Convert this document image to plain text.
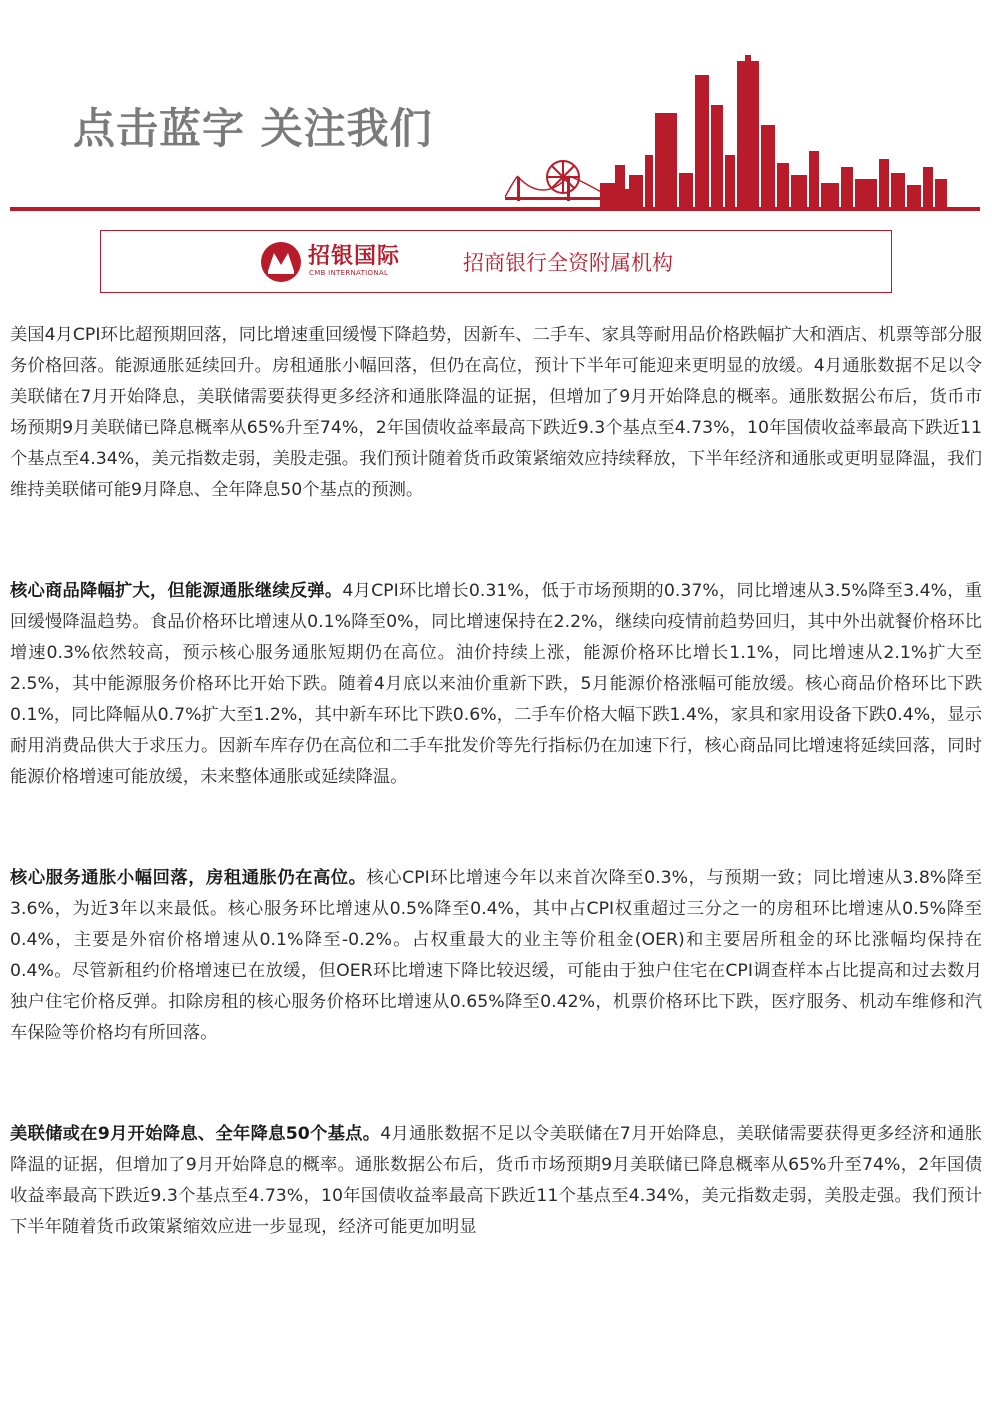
点击蓝字 关注我们
招银国际
CMB INTERNATIONAL	招商银行全资附属机构

美国4月CPI环比超预期回落，同比增速重回缓慢下降趋势，因新车、二手车、家具等耐用品价格跌幅扩大和酒店、机票等部分服务价格回落。能源通胀延续回升。房租通胀小幅回落，但仍在高位，预计下半年可能迎来更明显的放缓。4月通胀数据不足以令美联储在7月开始降息，美联储需要获得更多经济和通胀降温的证据，但增加了9月开始降息的概率。通胀数据公布后，货币市场预期9月美联储已降息概率从65%升至74%，2年国债收益率最高下跌近9.3个基点至4.73%，10年国债收益率最高下跌近11个基点至4.34%，美元指数走弱，美股走强。我们预计随着货币政策紧缩效应持续释放，下半年经济和通胀或更明显降温，我们维持美联储可能9月降息、全年降息50个基点的预测。

核心商品降幅扩大，但能源通胀继续反弹。4月CPI环比增长0.31%，低于市场预期的0.37%，同比增速从3.5%降至3.4%，重回缓慢降温趋势。食品价格环比增速从0.1%降至0%，同比增速保持在2.2%，继续向疫情前趋势回归，其中外出就餐价格环比增速0.3%依然较高，预示核心服务通胀短期仍在高位。油价持续上涨，能源价格环比增长1.1%，同比增速从2.1%扩大至2.5%，其中能源服务价格环比开始下跌。随着4月底以来油价重新下跌，5月能源价格涨幅可能放缓。核心商品价格环比下跌0.1%，同比降幅从0.7%扩大至1.2%，其中新车环比下跌0.6%，二手车价格大幅下跌1.4%，家具和家用设备下跌0.4%，显示耐用消费品供大于求压力。因新车库存仍在高位和二手车批发价等先行指标仍在加速下行，核心商品同比增速将延续回落，同时能源价格增速可能放缓，未来整体通胀或延续降温。

核心服务通胀小幅回落，房租通胀仍在高位。核心CPI环比增速今年以来首次降至0.3%，与预期一致；同比增速从3.8%降至3.6%，为近3年以来最低。核心服务环比增速从0.5%降至0.4%，其中占CPI权重超过三分之一的房租环比增速从0.5%降至0.4%，主要是外宿价格增速从0.1%降至-0.2%。占权重最大的业主等价租金(OER)和主要居所租金的环比涨幅均保持在0.4%。尽管新租约价格增速已在放缓，但OER环比增速下降比较迟缓，可能由于独户住宅在CPI调查样本占比提高和过去数月独户住宅价格反弹。扣除房租的核心服务价格环比增速从0.65%降至0.42%，机票价格环比下跌，医疗服务、机动车维修和汽车保险等价格均有所回落。

美联储或在9月开始降息、全年降息50个基点。4月通胀数据不足以令美联储在7月开始降息，美联储需要获得更多经济和通胀降温的证据，但增加了9月开始降息的概率。通胀数据公布后，货币市场预期9月美联储已降息概率从65%升至74%，2年国债收益率最高下跌近9.3个基点至4.73%，10年国债收益率最高下跌近11个基点至4.34%，美元指数走弱，美股走强。我们预计下半年随着货币政策紧缩效应进一步显现，经济可能更加明显
